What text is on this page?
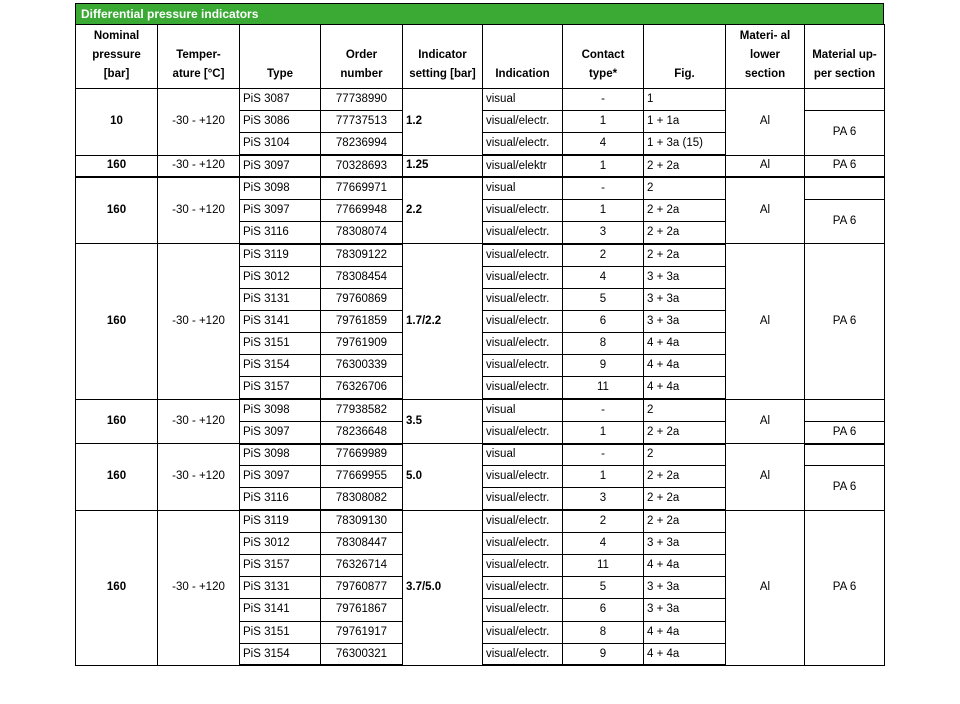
Differential pressure indicators
Nominal pressure [bar]	Temper- ature [°C]	Type	Order number	Indicator setting [bar]	Indication	Contact type*	Fig.	Materi- al lower section	Material up- per section
10	-30 - +120	PiS 3087	77738990	1.2	visual	-	1	Al	
		PiS 3086	77737513		visual/electr.	1	1 + 1a		PA 6
		PiS 3104	78236994		visual/electr.	4	1 + 3a (15)		
160	-30 - +120	PiS 3097	70328693	1.25	visual/elektr	1	2 + 2a	Al	PA 6
160	-30 - +120	PiS 3098	77669971	2.2	visual	-	2	Al	
		PiS 3097	77669948		visual/electr.	1	2 + 2a		PA 6
		PiS 3116	78308074		visual/electr.	3	2 + 2a		
160	-30 - +120	PiS 3119	78309122	1.7/2.2	visual/electr.	2	2 + 2a	Al	PA 6
		PiS 3012	78308454		visual/electr.	4	3 + 3a		
		PiS 3131	79760869		visual/electr.	5	3 + 3a		
		PiS 3141	79761859		visual/electr.	6	3 + 3a		
		PiS 3151	79761909		visual/electr.	8	4 + 4a		
		PiS 3154	76300339		visual/electr.	9	4 + 4a		
		PiS 3157	76326706		visual/electr.	11	4 + 4a		
160	-30 - +120	PiS 3098	77938582	3.5	visual	-	2	Al	
		PiS 3097	78236648		visual/electr.	1	2 + 2a		PA 6
160	-30 - +120	PiS 3098	77669989	5.0	visual	-	2	Al	
		PiS 3097	77669955		visual/electr.	1	2 + 2a		PA 6
		PiS 3116	78308082		visual/electr.	3	2 + 2a		
160	-30 - +120	PiS 3119	78309130	3.7/5.0	visual/electr.	2	2 + 2a	Al	PA 6
		PiS 3012	78308447		visual/electr.	4	3 + 3a		
		PiS 3157	76326714		visual/electr.	11	4 + 4a		
		PiS 3131	79760877		visual/electr.	5	3 + 3a		
		PiS 3141	79761867		visual/electr.	6	3 + 3a		
		PiS 3151	79761917		visual/electr.	8	4 + 4a		
		PiS 3154	76300321		visual/electr.	9	4 + 4a		
